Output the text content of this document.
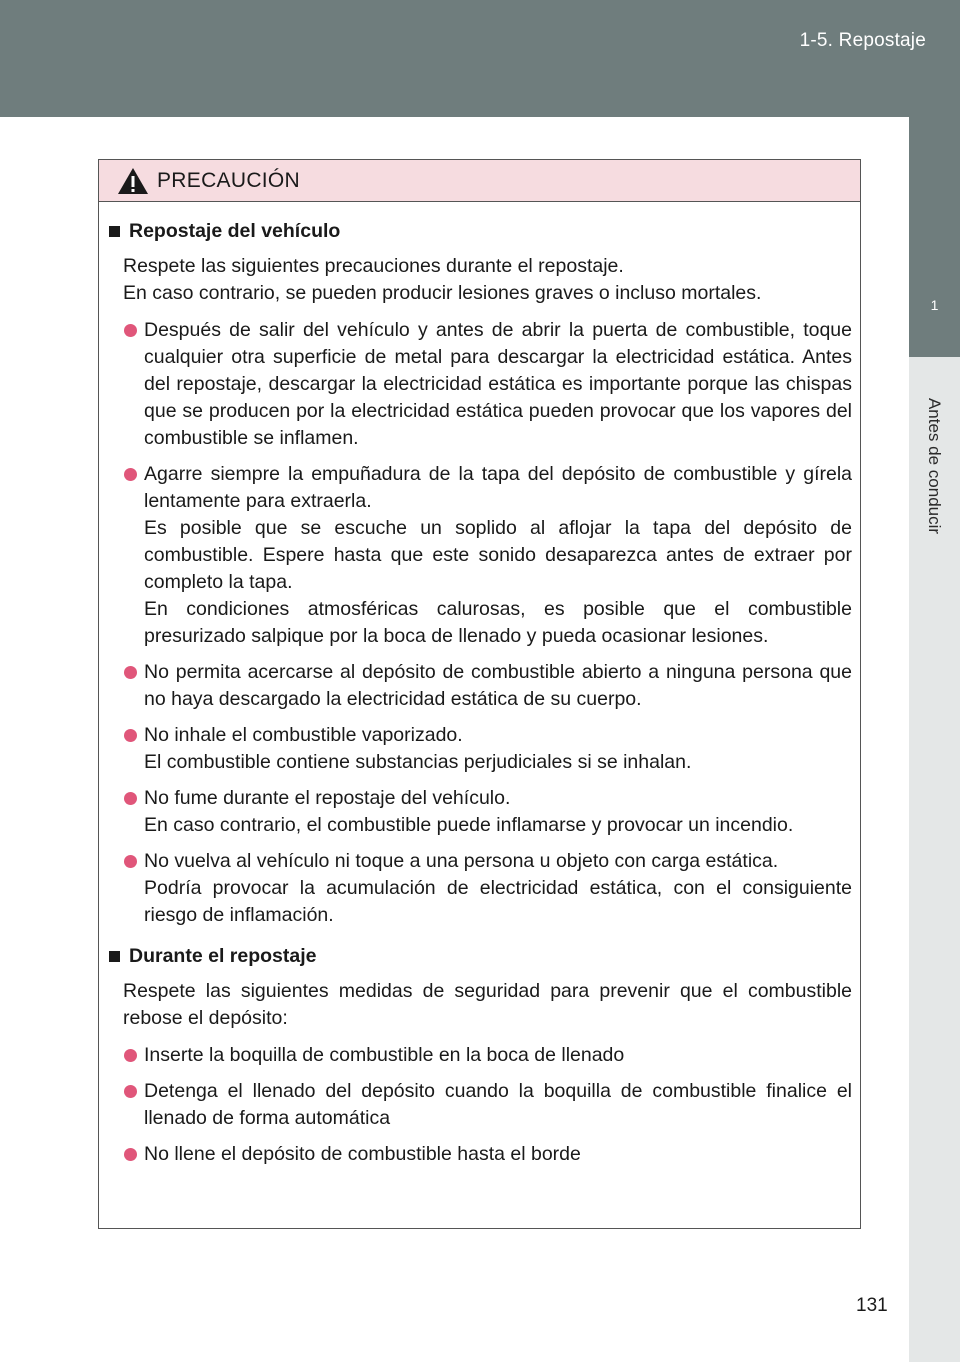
1-5. Repostaje
1
Antes de conducir
PRECAUCIÓN
Repostaje del vehículo

Respete las siguientes precauciones durante el repostaje.

En caso contrario, se pueden producir lesiones graves o incluso mortales.

Después de salir del vehículo y antes de abrir la puerta de combustible, toque cualquier otra superficie de metal para descargar la electricidad estática. Antes del repostaje, descargar la electricidad estática es importante porque las chispas que se producen por la electricidad estática pueden provocar que los vapores del combustible se inflamen.

Agarre siempre la empuñadura de la tapa del depósito de combustible y gírela lentamente para extraerla.

Es posible que se escuche un soplido al aflojar la tapa del depósito de combustible. Espere hasta que este sonido desaparezca antes de extraer por completo la tapa.

En condiciones atmosféricas calurosas, es posible que el combustible presurizado salpique por la boca de llenado y pueda ocasionar lesiones.

No permita acercarse al depósito de combustible abierto a ninguna persona que no haya descargado la electricidad estática de su cuerpo.

No inhale el combustible vaporizado.

El combustible contiene substancias perjudiciales si se inhalan.

No fume durante el repostaje del vehículo.

En caso contrario, el combustible puede inflamarse y provocar un incendio.

No vuelva al vehículo ni toque a una persona u objeto con carga estática.

Podría provocar la acumulación de electricidad estática, con el consiguiente riesgo de inflamación.

Durante el repostaje

Respete las siguientes medidas de seguridad para prevenir que el combustible rebose el depósito:

Inserte la boquilla de combustible en la boca de llenado

Detenga el llenado del depósito cuando la boquilla de combustible finalice el llenado de forma automática

No llene el depósito de combustible hasta el borde

131
